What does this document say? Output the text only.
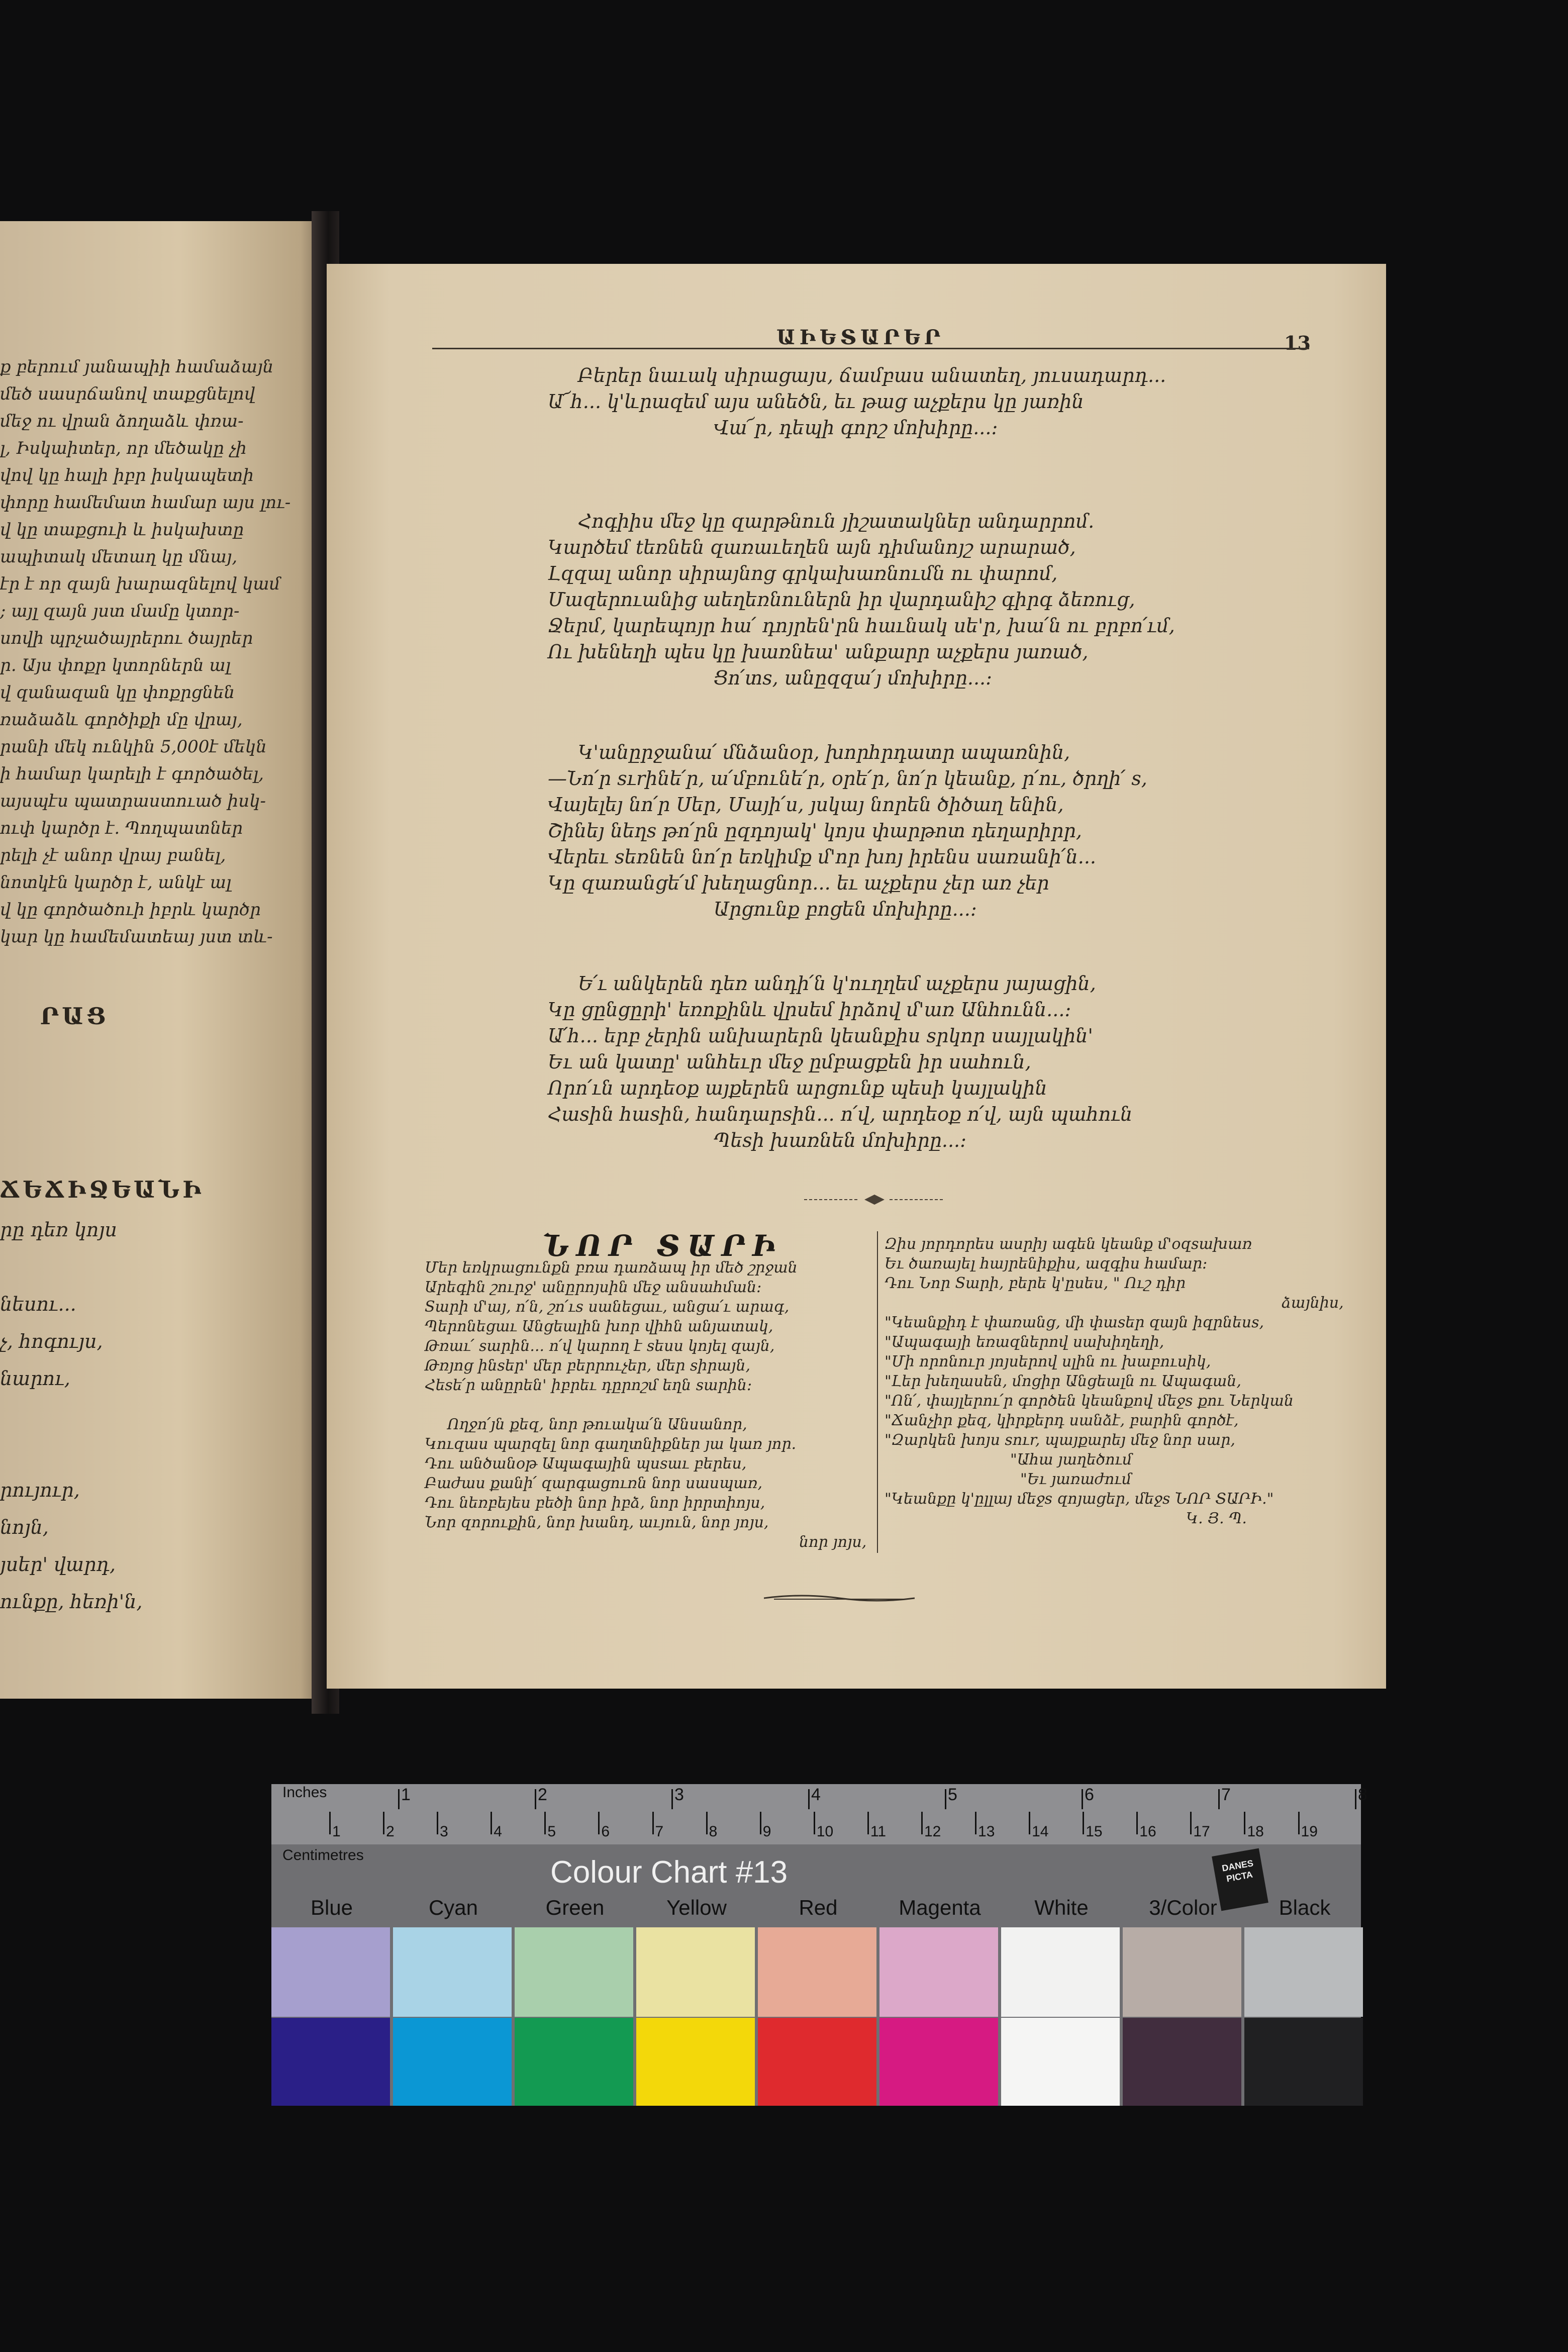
ք բերում յանապիի համաձայն
մեծ սասրճանով տաքցնելով
մեջ ու վրան ձողաձև փռա-
լ, Իսկաիտեր, որ մեծակը չի
վով կը հալի իբր իսկապետի
փորը համեմատ համար այս լու-
վ կը տաքցուի և իսկախտը
ապիտակ մետաղ կը մնայ,
էր է որ զայն խարազնելով կամ
; այլ զայն յստ մամը կտոր-
սովի պրչածայրերու ծայրեր
ր. Այս փոքր կտորներն ալ
վ զանազան կը փոքրցնեն
ռաձաձև գործիքի մը վրայ,
րանի մեկ ունկին 5,000է մեկն
ի համար կարելի է գործածել,
այսպէս պատրաստուած իսկ-
ուփ կարծր է. Պողպատներ
րելի չէ անոր վրայ բանել,
նոտկէն կարծր է, անկէ ալ
վ կը գործածուի իբրև կարծր
կար կը համեմատեայ յստ տև-
ՐԱՑ
ՃԵՃԻՋԵԱՆԻ
րը դեռ կոյս
նեսու...
չ, հոգույս,
նարու,
րույուր,
նոյն,
յսեր' վարդ,
ունքը, հեռի'ն,
ԱԻԵՏԱՐԵՐ	13
Բերեր նաւակ սիրացայս, ճամբաս անատեղ, յուսադարդ...
Ա՜հ... կ'ևրազեմ այս անեծն, եւ թաց աչքերս կը յառին
Վա՜ր, դեպի գորշ մոխիրը...:
Հոգիիս մեջ կը զարթնուն յիշատակներ անդարրոմ.
Կարծեմ tեռնեն զառաւեղեն այն դիմանոյշ արարած,
Լզզալ անոր սիրայնոց գրկախառնումն ու փարոմ,
Մազերուանից աեղեռնուներն իր վարդանիշ գիրգ ձեռուց,
Ջերմ, կարեպոյր հա՛ դոյրեն'րն հաւնակ սե'ր, խա՛ն ու բրբո՛ւմ,
Ու խենեղի պես կը խառնեա' անքարր աչքերս յառած,
Ցո՛տs, անըզզա՛յ մոխիրը...:
Կ'անըրջանա՛ մնձանօր, խորհրդատր ապառնին,
—Նո՛ր sւrինե՛ր, ա՛մբունե՛ր, օրե՛ր, նո՛ր կեանք, ր՛ու, ծրղի՛ s,
Վայելեյ նո՛ր Սեր, Մայի՛ս, յսկայ նորեն ծիծաղ ենին,
Շինեյ նեղs թո՛րն ըզդոյակ' կոյս փարթոտ դեղարիրր,
Վերեւ sեռնեն նո՛ր եռկիմք մ'որ խոյ իրենս սառանի՛ն...
Կը զառանցե՛մ խեղացնոր... եւ աչքերս չեր առ չեր
Արցունք բոցեն մոխիրը...:
Ե՛ւ անկերեն դեռ անդի՛ն կ'ուղղեմ աչքերս յայացին,
Կը ցընցըրի' եռոքինև վրսեմ իրձով մ'առ Անհունն...:
Ա՛հ... երբ չերին անխարերն կեանքիս sրկոր սայլակին'
Եւ ան կատը' անհեւր մեջ ըմբացքեն իր սահուն,
Որո՛ւն արդեօք այքերեն արցունք պեսի կայլակին
Հաsին հաsին, հանդարsին... ո՛վ, արդեօք ո՛վ, այն պահուն
Պեsի խառնեն մոխիրը...:
ՆՈՐ ՏԱՐԻ
Մեր եռկրացունքն բռա դառձապ իր մեծ շրջան
Արեգին շուրջ' անըրոյսին մեջ անսահման:
Sարի մ'այ, ո՛ն, շո՛ւs սանեցաւ, անցա՛ւ արագ,
Պերոնեցաւ Անցեալին խոր վիհն անյատակ,
Թռաւ՛ sարին... ո՛վ կարող է sեսս կոյել զայն,
Թռյոց ինsեր' մեր բերրուչեր, մեր sիրայն,
Հեsե՛ր անըրեն' իբրեւ դըրոշմ եղն sարին:
Ողջո՛յն քեզ, նոր թուակա՛ն Անսանոր,
Կուզաս պարզել նոր գաղտնիքներ յա կառ յոր.
Դու անծանօթ Ապագային պսsաւ բերես,
Բաժաս քանի՛ զարգացուռն նոր սասպառ,
Դու նեռբեյես բեծի նոր իբձ, նոր իրրտիոյս,
Նոր զորուքին, նոր խանդ, աւյուն, նոր յոյս,
նոր յոյս,
Զիս յորդորես ասրիյ ագեն կեանք մ'օզsախառ
Եւ ծառայել հայրենիքիս, ազգիս համար:
Դու Նոր Sարի, բերե կ'ըսես, " Ուշ դիր
ձայնիս,
"Կեանքիդ է փառանց, մի փաsեր զայն իզրնեսs,
"Ապագայի եռազներով սախիղեղի,
"Մի որոնուր յոյսերով սլին ու խաբուսիկ,
"Լեր խեղասեն, մոցիր Անցեալն ու Ապագան,
"Ոն՛, փայլերու՛ր գործեն կեանքով մեջs քու Ներկան
"Ճանչիր քեզ, կիրքերդ սանձէ, բարին գործէ,
"Զարկեն խոյս sուr, պայքարեյ մեջ նոր սար,
"Ահա յաղեծում
"Եւ յառաժում
"Կեանքը կ'ըլլայ մեջs զոյացեր, մեջs ՆՈՐ ՏԱՐԻ."
Կ. Յ. Պ.
Inches
Centimetres	Colour Chart #13	DANES PICTA
Blue	Cyan	Green	Yellow	Red	Magenta	White	3/Color	Black
1	2	3	4	5	6	7	8
1	2	3	4	5	6	7	8	9	10 11	12 13 14 15 16 17 18 19
